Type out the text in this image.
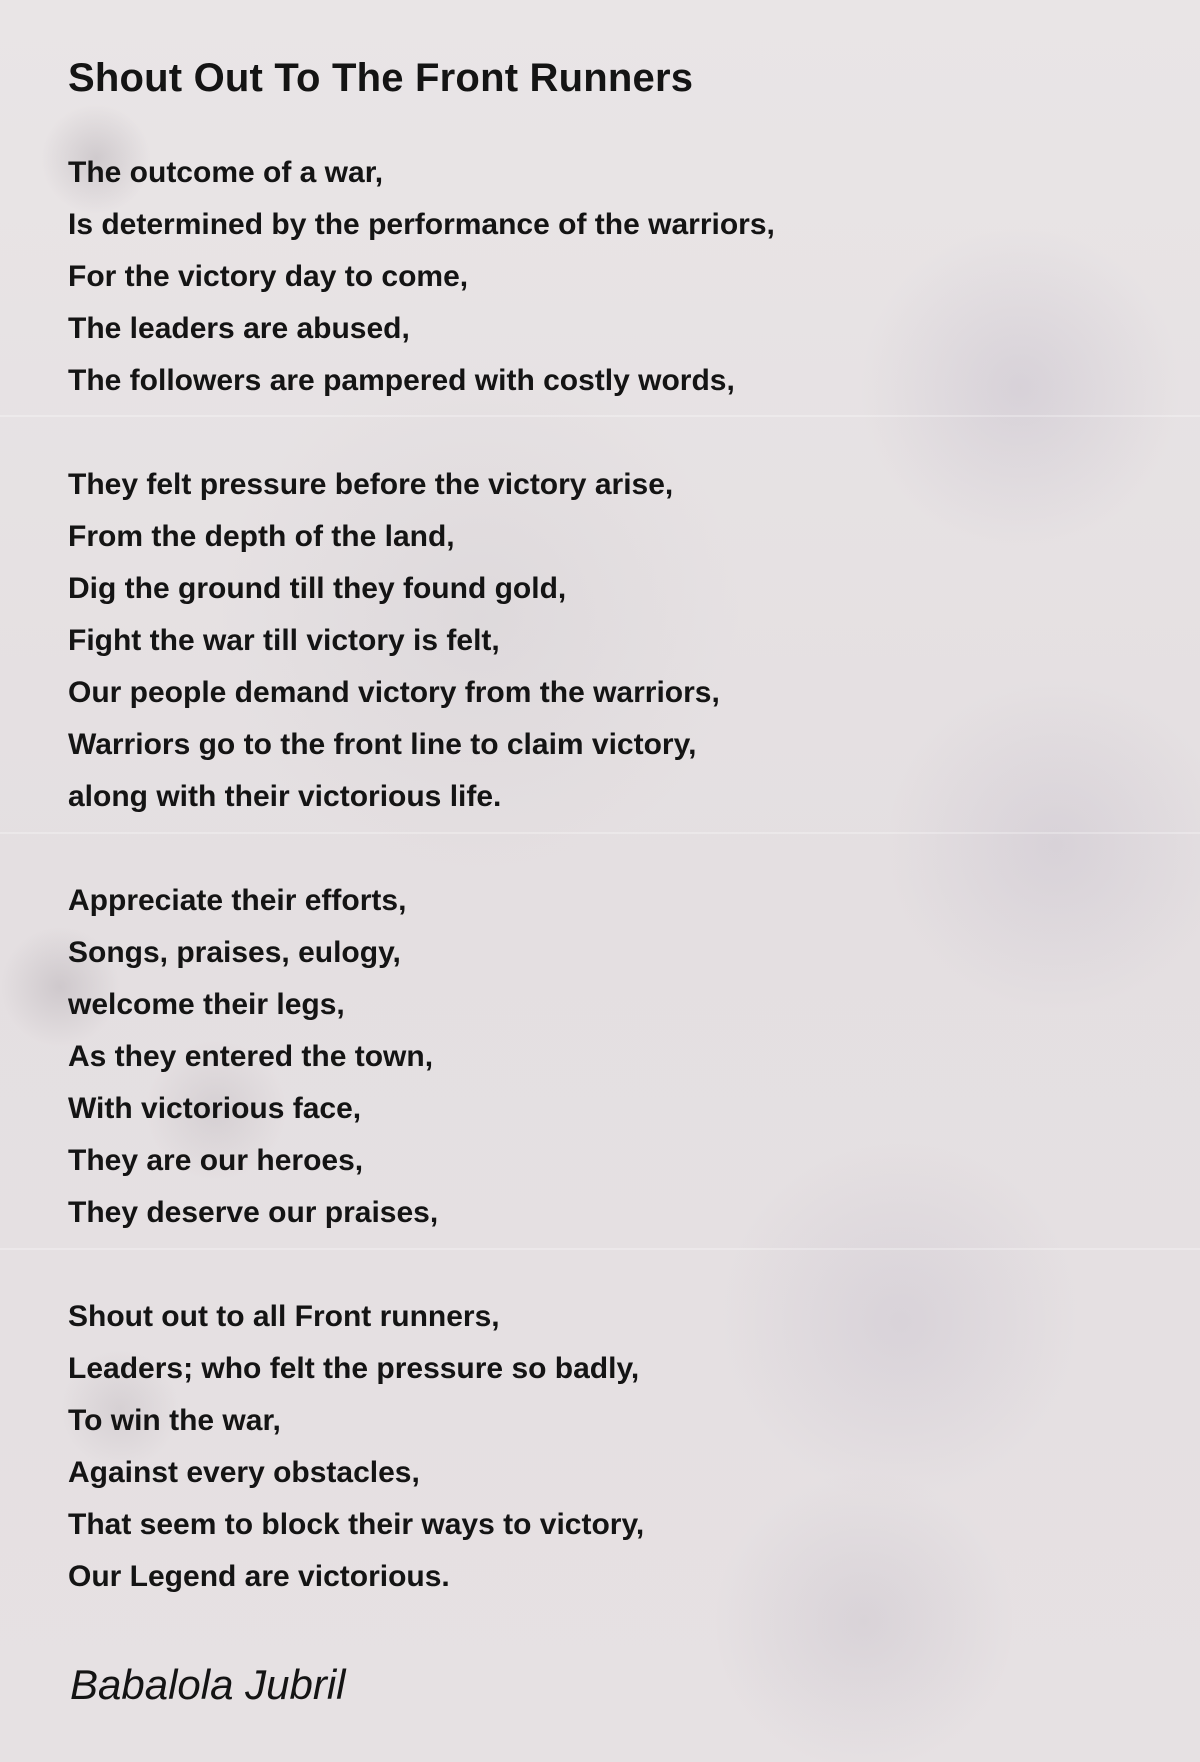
Shout Out To The Front Runners
The outcome of a war,
Is determined by the performance of the warriors,
For the victory day to come,
The leaders are abused,
The followers are pampered with costly words,
They felt pressure before the victory arise,
From the depth of the land,
Dig the ground till they found gold,
Fight the war till victory is felt,
Our people demand victory from the warriors,
Warriors go to the front line to claim victory,
along with their victorious life.
Appreciate their efforts,
Songs, praises, eulogy,
welcome their legs,
As they entered the town,
With victorious face,
They are our heroes,
They deserve our praises,
Shout out to all Front runners,
Leaders; who felt the pressure so badly,
To win the war,
Against every obstacles,
That seem to block their ways to victory,
Our Legend are victorious.
Babalola Jubril
